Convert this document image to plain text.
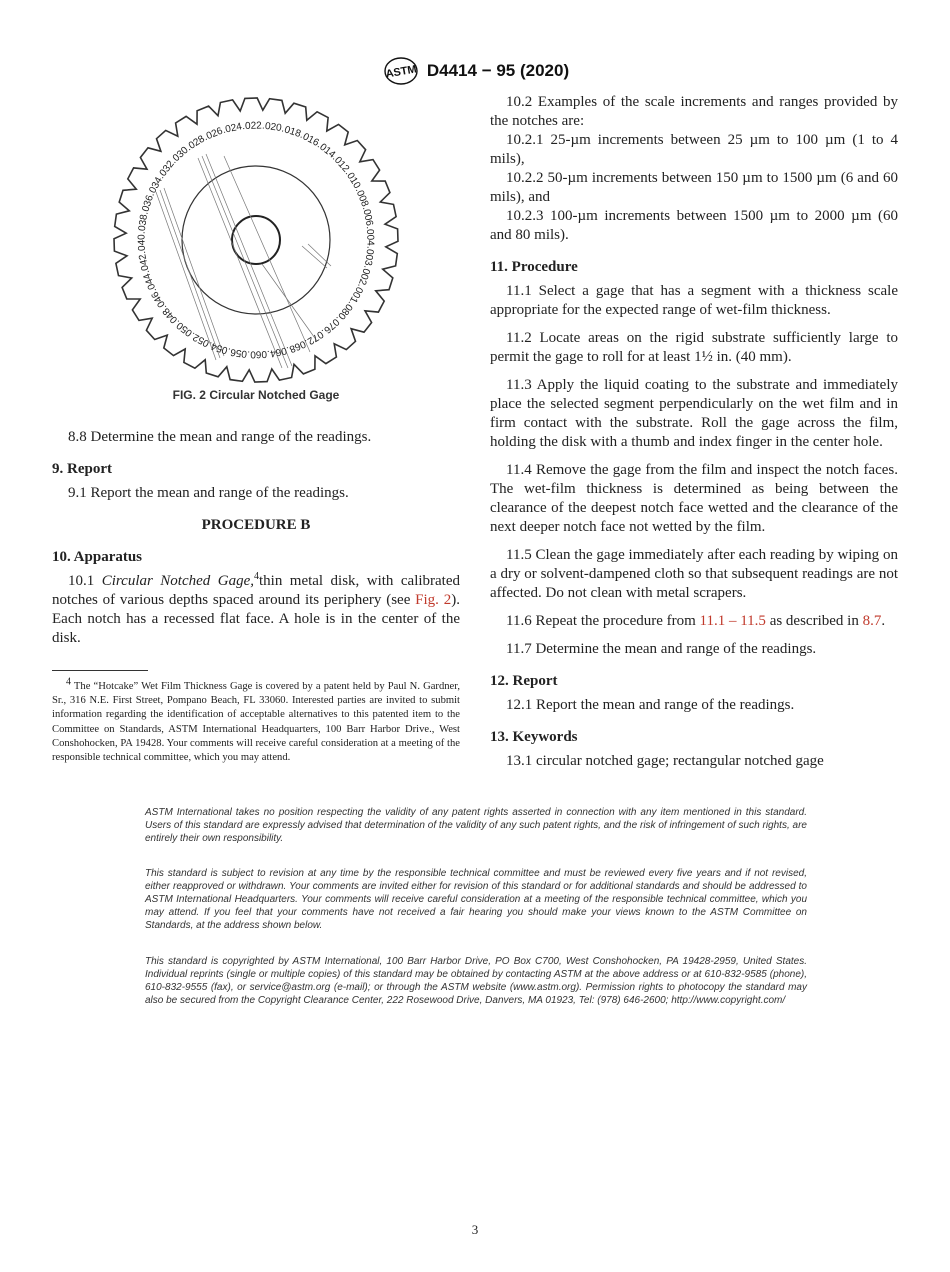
ASTM D4414 − 95 (2020)
.020
.018
.016
.014
.012
.010
.008
.006
.004
.003
.002
.001
.080
.076
.072
.068
.064
.060
.056
.054
.052
.050
.048
.046
.044
.042
.040
.038
.036
.034
.032
.030
.028
.026
.024 .022
FIG. 2 Circular Notched Gage

8.8 Determine the mean and range of the readings.

9. Report

9.1 Report the mean and range of the readings.

PROCEDURE B

10. Apparatus

10.1 Circular Notched Gage,$^4$thin metal disk, with calibrated notches of various depths spaced around its periphery (see Fig. 2). Each notch has a recessed flat face. A hole is in the center of the disk.

$^4$ The “Hotcake” Wet Film Thickness Gage is covered by a patent held by Paul N. Gardner, Sr., 316 N.E. First Street, Pompano Beach, FL 33060. Interested parties are invited to submit information regarding the identification of acceptable alternatives to this patented item to the Committee on Standards, ASTM International Headquarters, 100 Barr Harbor Drive., West Conshohocken, PA 19428. Your comments will receive careful consideration at a meeting of the responsible technical committee, which you may attend.

10.2 Examples of the scale increments and ranges provided by the notches are:

10.2.1 25-µm increments between 25 µm to 100 µm (1 to 4 mils),

10.2.2 50-µm increments between 150 µm to 1500 µm (6 and 60 mils), and

10.2.3 100-µm increments between 1500 µm to 2000 µm (60 and 80 mils).

11. Procedure

11.1 Select a gage that has a segment with a thickness scale appropriate for the expected range of wet-film thickness.

11.2 Locate areas on the rigid substrate sufficiently large to permit the gage to roll for at least 1½ in. (40 mm).

11.3 Apply the liquid coating to the substrate and immediately place the selected segment perpendicularly on the wet film and in firm contact with the substrate. Roll the gage across the film, holding the disk with a thumb and index finger in the center hole.

11.4 Remove the gage from the film and inspect the notch faces. The wet-film thickness is determined as being between the clearance of the deepest notch face wetted and the clearance of the next deeper notch face not wetted by the film.

11.5 Clean the gage immediately after each reading by wiping on a dry or solvent-dampened cloth so that subsequent readings are not affected. Do not clean with metal scrapers.

11.6 Repeat the procedure from 11.1 – 11.5 as described in 8.7.

11.7 Determine the mean and range of the readings.

12. Report

12.1 Report the mean and range of the readings.

13. Keywords

13.1 circular notched gage; rectangular notched gage

ASTM International takes no position respecting the validity of any patent rights asserted in connection with any item mentioned in this standard. Users of this standard are expressly advised that determination of the validity of any such patent rights, and the risk of infringement of such rights, are entirely their own responsibility.
This standard is subject to revision at any time by the responsible technical committee and must be reviewed every five years and if not revised, either reapproved or withdrawn. Your comments are invited either for revision of this standard or for additional standards and should be addressed to ASTM International Headquarters. Your comments will receive careful consideration at a meeting of the responsible technical committee, which you may attend. If you feel that your comments have not received a fair hearing you should make your views known to the ASTM Committee on Standards, at the address shown below.
This standard is copyrighted by ASTM International, 100 Barr Harbor Drive, PO Box C700, West Conshohocken, PA 19428-2959, United States. Individual reprints (single or multiple copies) of this standard may be obtained by contacting ASTM at the above address or at 610-832-9585 (phone), 610-832-9555 (fax), or service@astm.org (e-mail); or through the ASTM website (www.astm.org). Permission rights to photocopy the standard may also be secured from the Copyright Clearance Center, 222 Rosewood Drive, Danvers, MA 01923, Tel: (978) 646-2600; http://www.copyright.com/
3
